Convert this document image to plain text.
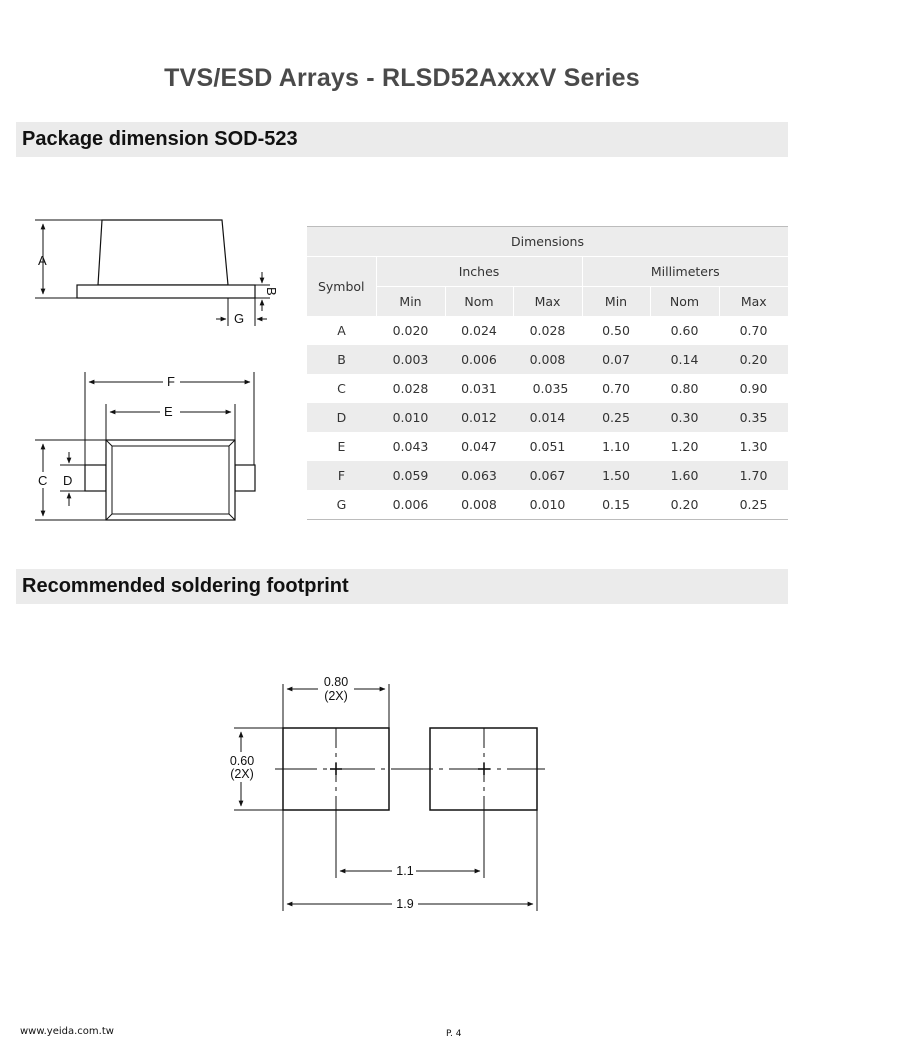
TVS/ESD Arrays - RLSD52AxxxV Series
Package dimension SOD-523
A
B
G
F
E
C D
Dimensions						
Symbol	Inches			Millimeters		
	Min	Nom	Max	Min	Nom	Max
A	0.020	0.024	0.028	0.50	0.60	0.70
B	0.003	0.006	0.008	0.07	0.14	0.20
C	0.028	0.031	0.035	0.70	0.80	0.90
D	0.010	0.012	0.014	0.25	0.30	0.35
E	0.043	0.047	0.051	1.10	1.20	1.30
F	0.059	0.063	0.067	1.50	1.60	1.70
G	0.006	0.008	0.010	0.15	0.20	0.25
Recommended soldering footprint
0.80
(2X)
0.60
(2X)
1.1
1.9
www.yeida.com.tw	P. 4
